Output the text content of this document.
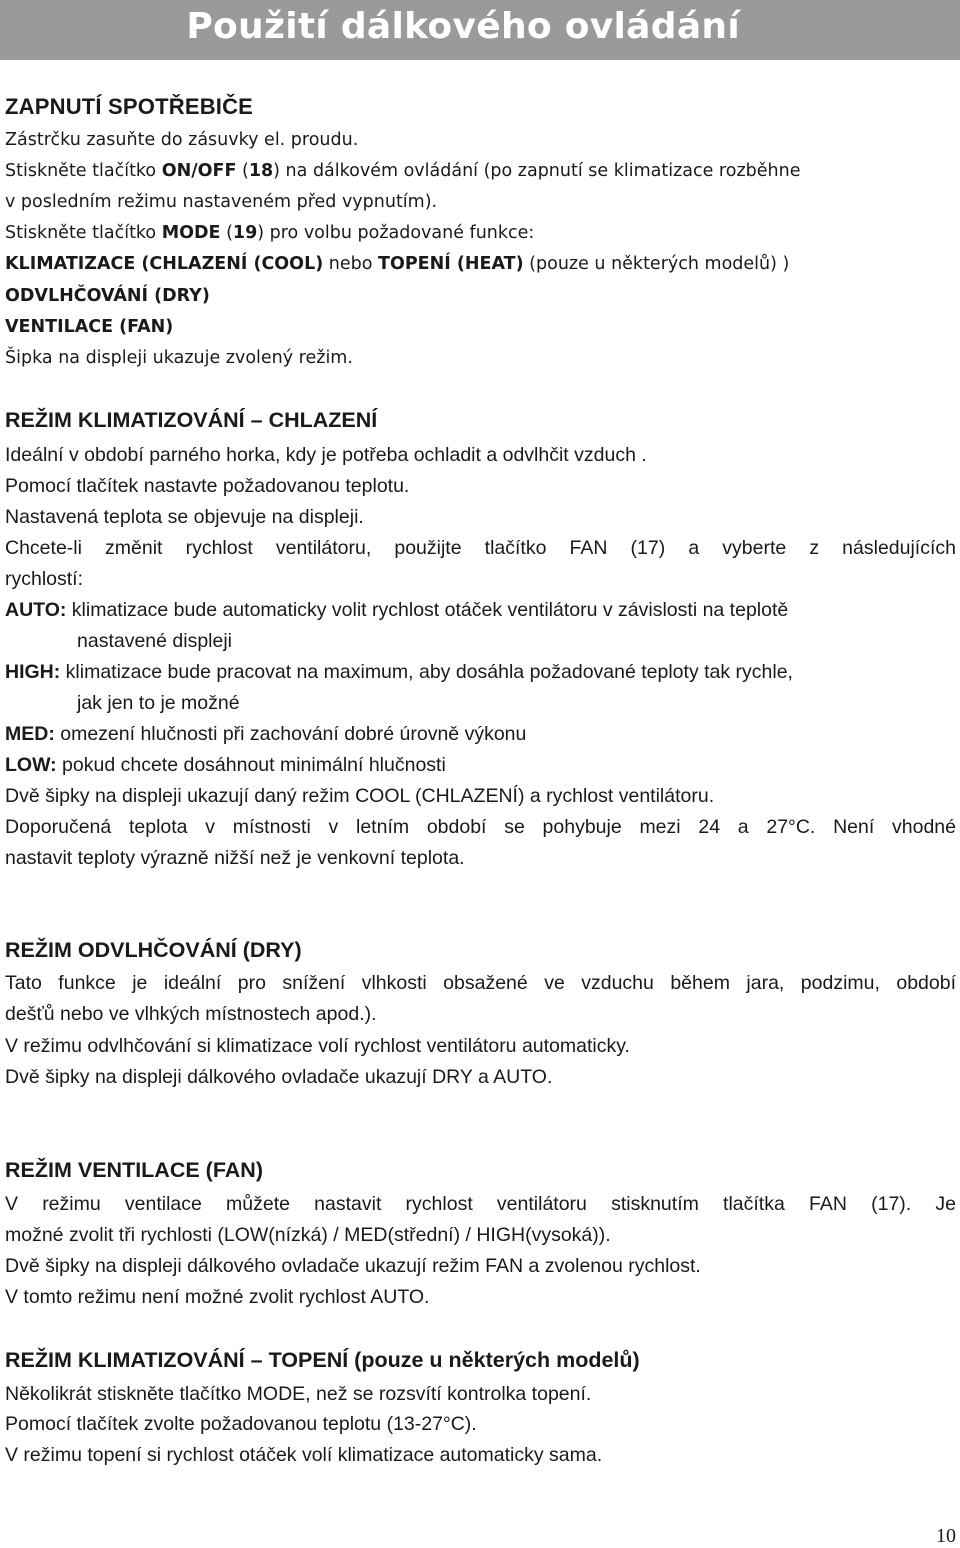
Použití dálkového ovládání
ZAPNUTÍ SPOTŘEBIČE
Zástrčku zasuňte do zásuvky el. proudu.
Stiskněte tlačítko ON/OFF (18) na dálkovém ovládání (po zapnutí se klimatizace rozběhne
v posledním režimu nastaveném před vypnutím).
Stiskněte tlačítko MODE (19) pro volbu požadované funkce:
KLIMATIZACE (CHLAZENÍ (COOL) nebo TOPENÍ (HEAT) (pouze u některých modelů) )
ODVLHČOVÁNÍ (DRY)
VENTILACE (FAN)
Šipka na displeji ukazuje zvolený režim.
REŽIM KLIMATIZOVÁNÍ – CHLAZENÍ
Ideální v období parného horka, kdy je potřeba ochladit a odvlhčit vzduch .
Pomocí tlačítek nastavte požadovanou teplotu.
Nastavená teplota se objevuje na displeji.
Chcete-li změnit rychlost ventilátoru, použijte tlačítko FAN (17) a vyberte z následujících
rychlostí:
AUTO: klimatizace bude automaticky volit rychlost otáček ventilátoru v závislosti na teplotě
nastavené displeji
HIGH: klimatizace bude pracovat na maximum, aby dosáhla požadované teploty tak rychle,
jak jen to je možné
MED: omezení hlučnosti při zachování dobré úrovně výkonu
LOW: pokud chcete dosáhnout minimální hlučnosti
Dvě šipky na displeji ukazují daný režim COOL (CHLAZENÍ) a rychlost ventilátoru.
Doporučená teplota v místnosti v letním období se pohybuje mezi 24 a 27°C. Není vhodné
nastavit teploty výrazně nižší než je venkovní teplota.
REŽIM ODVLHČOVÁNÍ (DRY)
Tato funkce je ideální pro snížení vlhkosti obsažené ve vzduchu během jara, podzimu, období
dešťů nebo ve vlhkých místnostech apod.).
V režimu odvlhčování si klimatizace volí rychlost ventilátoru automaticky.
Dvě šipky na displeji dálkového ovladače ukazují DRY a AUTO.
REŽIM VENTILACE (FAN)
V režimu ventilace můžete nastavit rychlost ventilátoru stisknutím tlačítka FAN (17). Je
možné zvolit tři rychlosti (LOW(nízká) / MED(střední) / HIGH(vysoká)).
Dvě šipky na displeji dálkového ovladače ukazují režim FAN a zvolenou rychlost.
V tomto režimu není možné zvolit rychlost AUTO.
REŽIM KLIMATIZOVÁNÍ – TOPENÍ (pouze u některých modelů)
Několikrát stiskněte tlačítko MODE, než se rozsvítí kontrolka topení.
Pomocí tlačítek zvolte požadovanou teplotu (13-27°C).
V režimu topení si rychlost otáček volí klimatizace automaticky sama.
10
